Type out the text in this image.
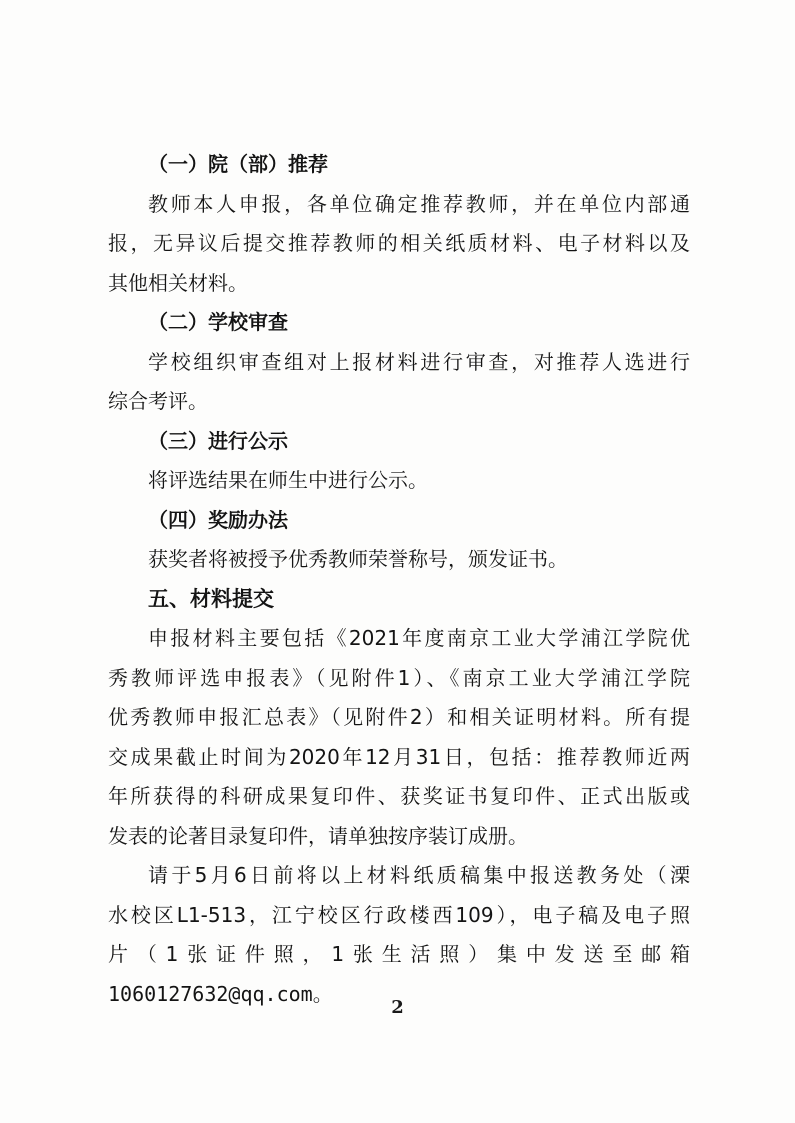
（一）院（部）推荐
教师本人申报，各单位确定推荐教师，并在单位内部通
报，无异议后提交推荐教师的相关纸质材料、电子材料以及
其他相关材料。
（二）学校审查
学校组织审查组对上报材料进行审查，对推荐人选进行
综合考评。
（三）进行公示
将评选结果在师生中进行公示。
（四）奖励办法
获奖者将被授予优秀教师荣誉称号，颁发证书。
五、材料提交
申报材料主要包括《2021年度南京工业大学浦江学院优
秀教师评选申报表》（见附件1）、《南京工业大学浦江学院
优秀教师申报汇总表》（见附件2）和相关证明材料。所有提
交成果截止时间为2020年12月31日，包括：推荐教师近两
年所获得的科研成果复印件、获奖证书复印件、正式出版或
发表的论著目录复印件，请单独按序装订成册。
请于5月6日前将以上材料纸质稿集中报送教务处（溧
水校区L1-513，江宁校区行政楼西109），电子稿及电子照
片（1张证件照，1张生活照）集中发送至邮箱
1060127632@qq.com。
2
